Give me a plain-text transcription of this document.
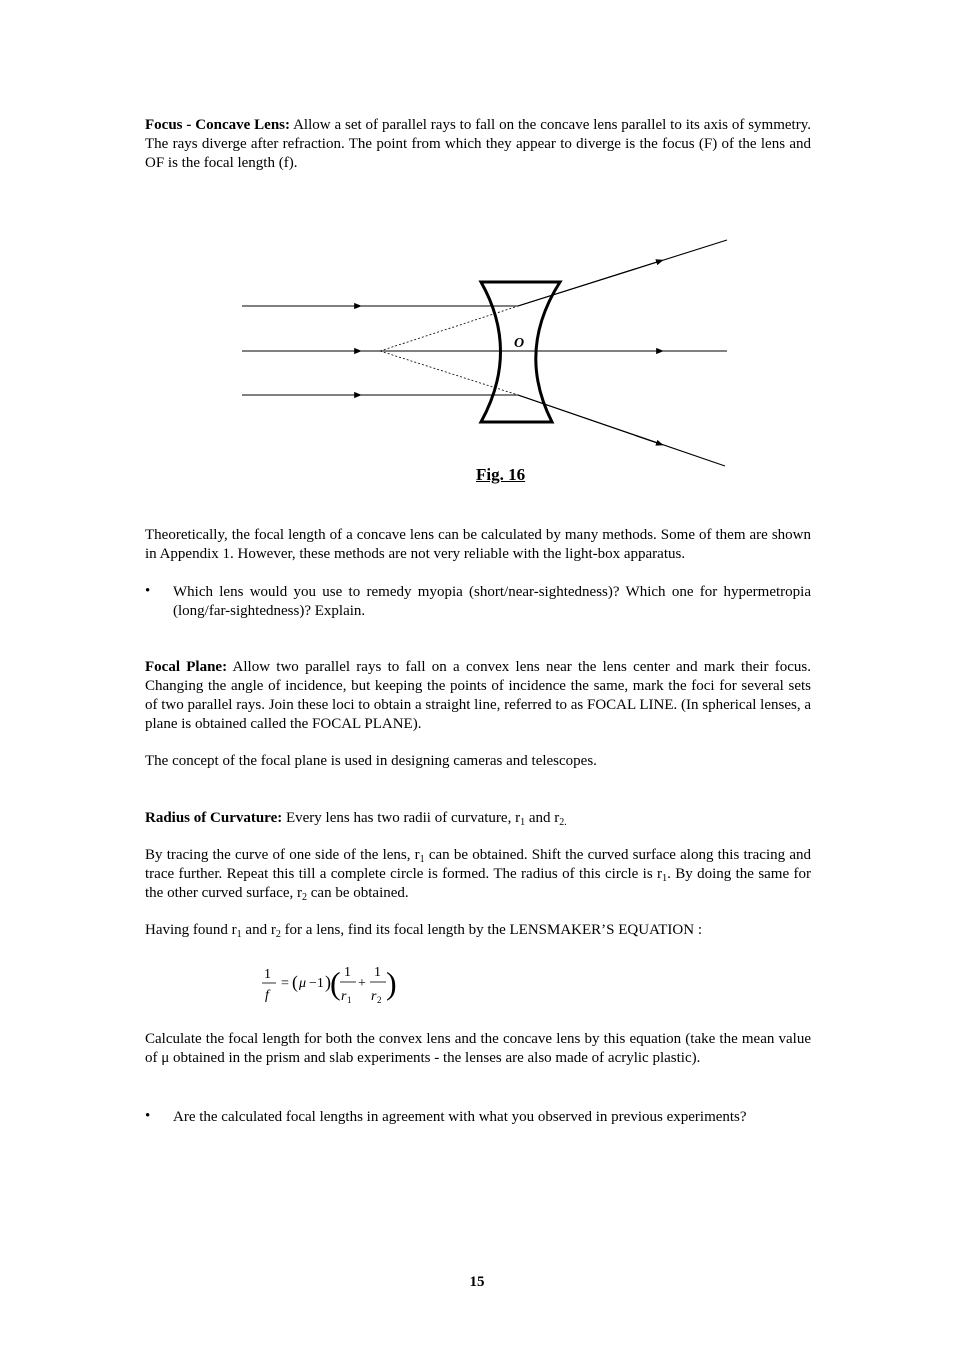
Focus - Concave Lens: Allow a set of parallel rays to fall on the concave lens parallel to its axis of symmetry. The rays diverge after refraction. The point from which they appear to diverge is the focus (F) of the lens and OF is the focal length (f).

Theoretically, the focal length of a concave lens can be calculated by many methods. Some of them are shown in Appendix 1. However, these methods are not very reliable with the light-box apparatus.

•	Which lens would you use to remedy myopia (short/near-sightedness)? Which one for hypermetropia (long/far-sightedness)? Explain.

Focal Plane: Allow two parallel rays to fall on a convex lens near the lens center and mark their focus. Changing the angle of incidence, but keeping the points of incidence the same, mark the foci for several sets of two parallel rays. Join these loci to obtain a straight line, referred to as FOCAL LINE. (In spherical lenses, a plane is obtained called the FOCAL PLANE).

The concept of the focal plane is used in designing cameras and telescopes.

Radius of Curvature: Every lens has two radii of curvature, $r_1$ and $r_{2.}$

By tracing the curve of one side of the lens, $r_1$ can be obtained. Shift the curved surface along this tracing and trace further. Repeat this till a complete circle is formed. The radius of this circle is $r_1$. By doing the same for the other curved surface, $r_2$ can be obtained.

Having found $r_1$ and $r_2$ for a lens, find its focal length by the LENSMAKER’S EQUATION :

Calculate the focal length for both the convex lens and the concave lens by this equation (take the mean value of μ obtained in the prism and slab experiments - the lenses are also made of acrylic plastic).

•	Are the calculated focal lengths in agreement with what you observed in previous experiments?

O
Fig. 16
1
f
= ( μ −1 ) ( 1
r 1
+
1
r 2 )
15
